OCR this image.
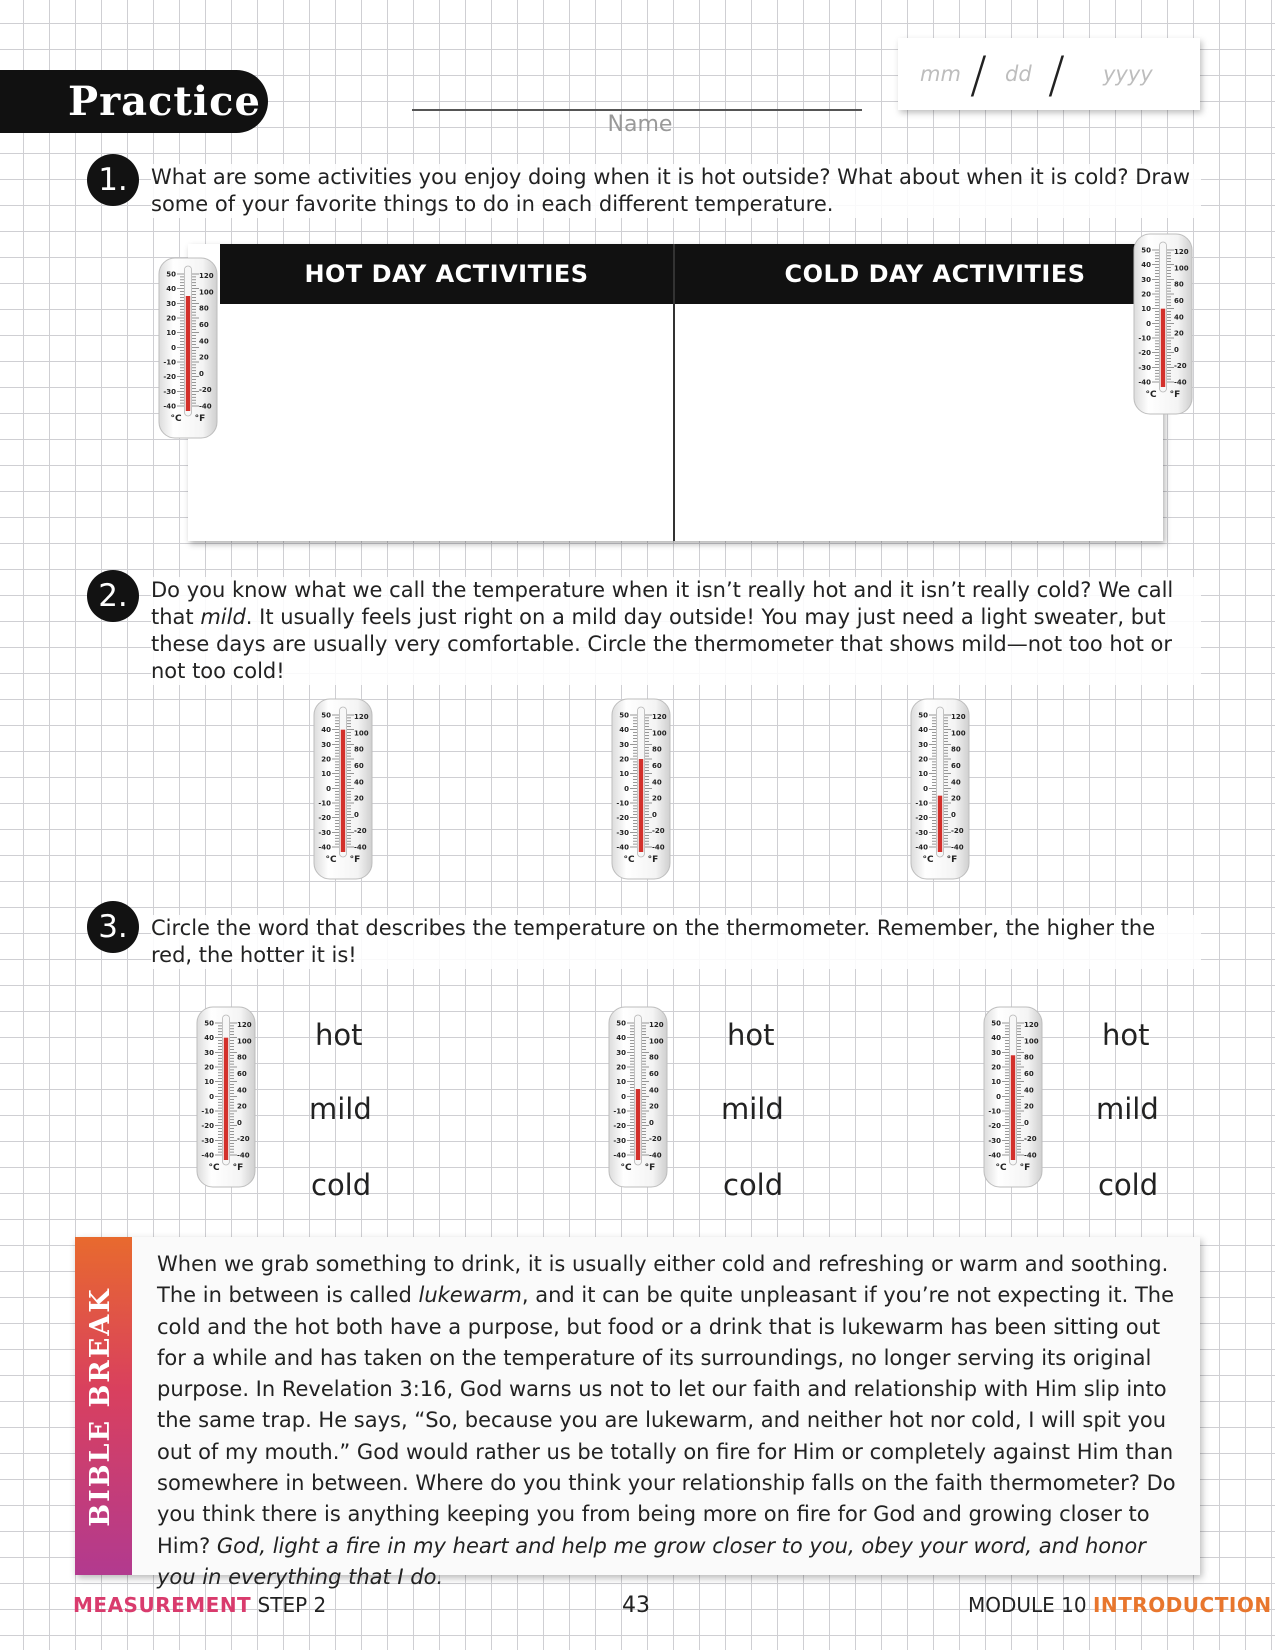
Practice	Name
mm / dd / yyyy
1.	What are some activities you enjoy doing when it is hot outside? What about when it is cold? Draw some of your favorite things to do in each different temperature.
HOT DAY ACTIVITIES	COLD DAY ACTIVITIES
50
40
30
20
10
0
-10
-20
-30
-40
120
100
80
60
40
20
0
-20
-40
°C °F
50
40
30
20
10
0
-10
-20
-30
-40
120
100
80
60
40
20
0
-20
-40
°C °F
2.	Do you know what we call the temperature when it isn’t really hot and it isn’t really cold? We call that mild. It usually feels just right on a mild day outside! You may just need a light sweater, but these days are usually very comfortable. Circle the thermometer that shows mild—not too hot or not too cold!
50
40
30
20
10
0
-10
-20
-30
-40
120
100
80
60
40
20
0
-20
-40
°C °F
50
40
30
20
10
0
-10
-20
-30
-40
120
100
80
60
40
20
0
-20
-40
°C °F
50
40
30
20
10
0
-10
-20
-30
-40
120
100
80
60
40
20
0
-20
-40
°C °F
3.	Circle the word that describes the temperature on the thermometer. Remember, the higher the red, the hotter it is!
50
40
30
20
10
0
-10
-20
-30
-40
120
100
80
60
40
20
0
-20
-40
°C °F
50
40
30
20
10
0
-10
-20
-30
-40
120
100
80
60
40
20
0
-20
-40
°C °F
50
40
30
20
10
0
-10
-20
-30
-40
120
100
80
60
40
20
0
-20
-40
°C °F
hot
mild
cold
hot
mild
cold
hot
mild
cold
BIBLE BREAK
When we grab something to drink, it is usually either cold and refreshing or warm and soothing. The in between is called lukewarm, and it can be quite unpleasant if you’re not expecting it. The cold and the hot both have a purpose, but food or a drink that is lukewarm has been sitting out for a while and has taken on the temperature of its surroundings, no longer serving its original purpose. In Revelation 3:16, God warns us not to let our faith and relationship with Him slip into the same trap. He says, “So, because you are lukewarm, and neither hot nor cold, I will spit you out of my mouth.” God would rather us be totally on fire for Him or completely against Him than somewhere in between. Where do you think your relationship falls on the faith thermometer? Do you think there is anything keeping you from being more on fire for God and growing closer to Him? God, light a fire in my heart and help me grow closer to you, obey your word, and honor you in everything that I do.
MEASUREMENT STEP 2	43	MODULE 10 INTRODUCTION
